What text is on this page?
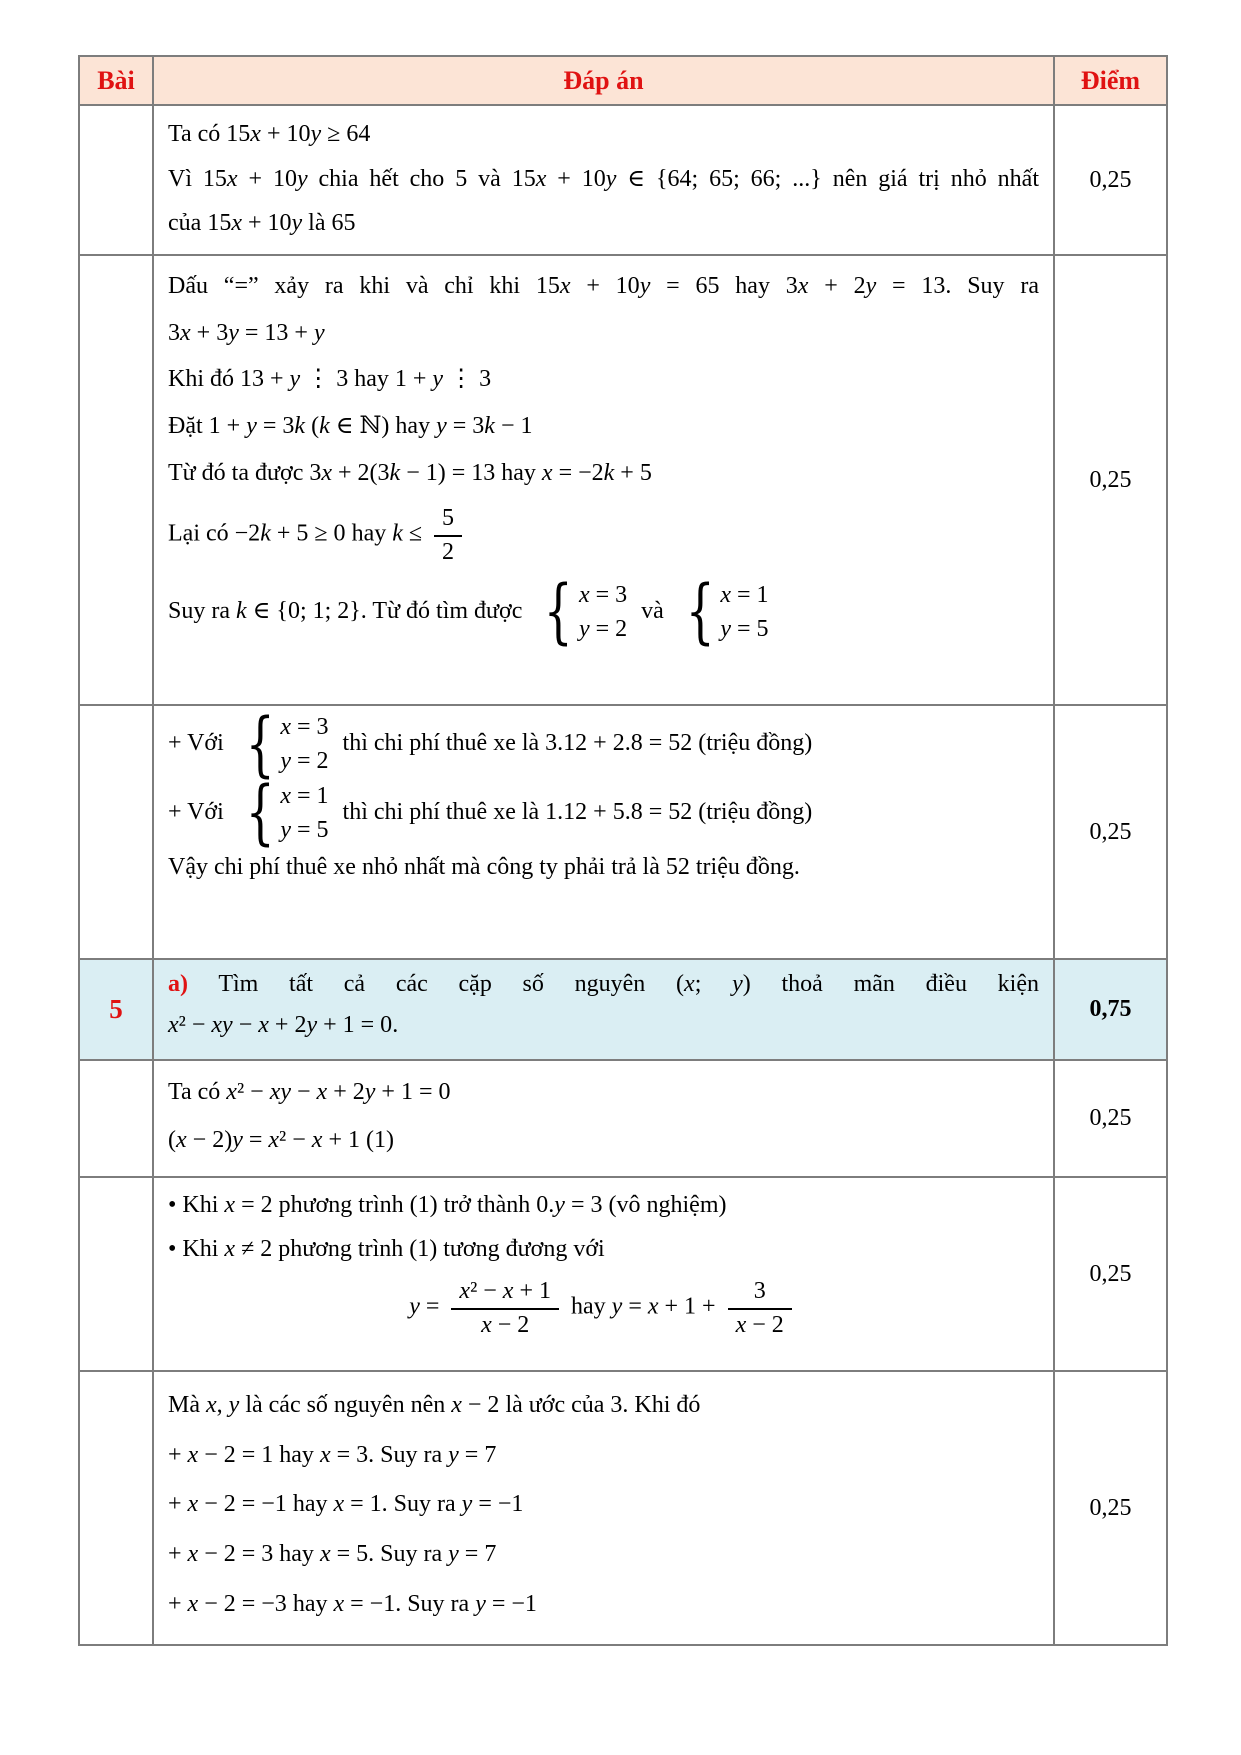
Bài	Đáp án	Điểm

	Ta có 15x + 10y ≥ 64

Vì 15x + 10y chia hết cho 5 và 15x + 10y ∈ {64; 65; 66; ...} nên giá trị nhỏ nhất

của 15x + 10y là 65	0,25

Dấu “=” xảy ra khi và chỉ khi 15x + 10y = 65 hay 3x + 2y = 13. Suy ra

3x + 3y = 13 + y

Khi đó 13 + y ⋮ 3 hay 1 + y ⋮ 3

Đặt 1 + y = 3k (k ∈ ℕ) hay y = 3k − 1

Từ đó ta được 3x + 2(3k − 1) = 13 hay x = −2k + 5

Lại có −2k + 5 ≥ 0 hay $k \le \frac{5}{2}$

Suy ra k ∈ {0; 1; 2}. Từ đó tìm được { x = 3
y = 2
và { x = 1
y = 5

	0,25

+ Với { x = 3
y = 2
thì chi phí thuê xe là 3.12 + 2.8 = 52 (triệu đồng)

+ Với { x = 1
y = 5
thì chi phí thuê xe là 1.12 + 5.8 = 52 (triệu đồng)

Vậy chi phí thuê xe nhỏ nhất mà công ty phải trả là 52 triệu đồng.

	0,25
5	a) Tìm tất cả các cặp số nguyên (x; y) thoả mãn điều kiện

x² − xy − x + 2y + 1 = 0.	0,75

	Ta có x² − xy − x + 2y + 1 = 0

(x − 2)y = x² − x + 1 (1)	0,25

• Khi x = 2 phương trình (1) trở thành 0.y = 3 (vô nghiệm)

• Khi x ≠ 2 phương trình (1) tương đương với

$y = \frac{\text{x² − x + 1}}{x - 2}$ hay $y = x + 1 + \frac{3}{x - 2}$

	0,25

	Mà x, y là các số nguyên nên x − 2 là ước của 3. Khi đó

+ x − 2 = 1 hay x = 3. Suy ra y = 7

+ x − 2 = −1 hay x = 1. Suy ra y = −1

+ x − 2 = 3 hay x = 5. Suy ra y = 7

+ x − 2 = −3 hay x = −1. Suy ra y = −1	0,25
